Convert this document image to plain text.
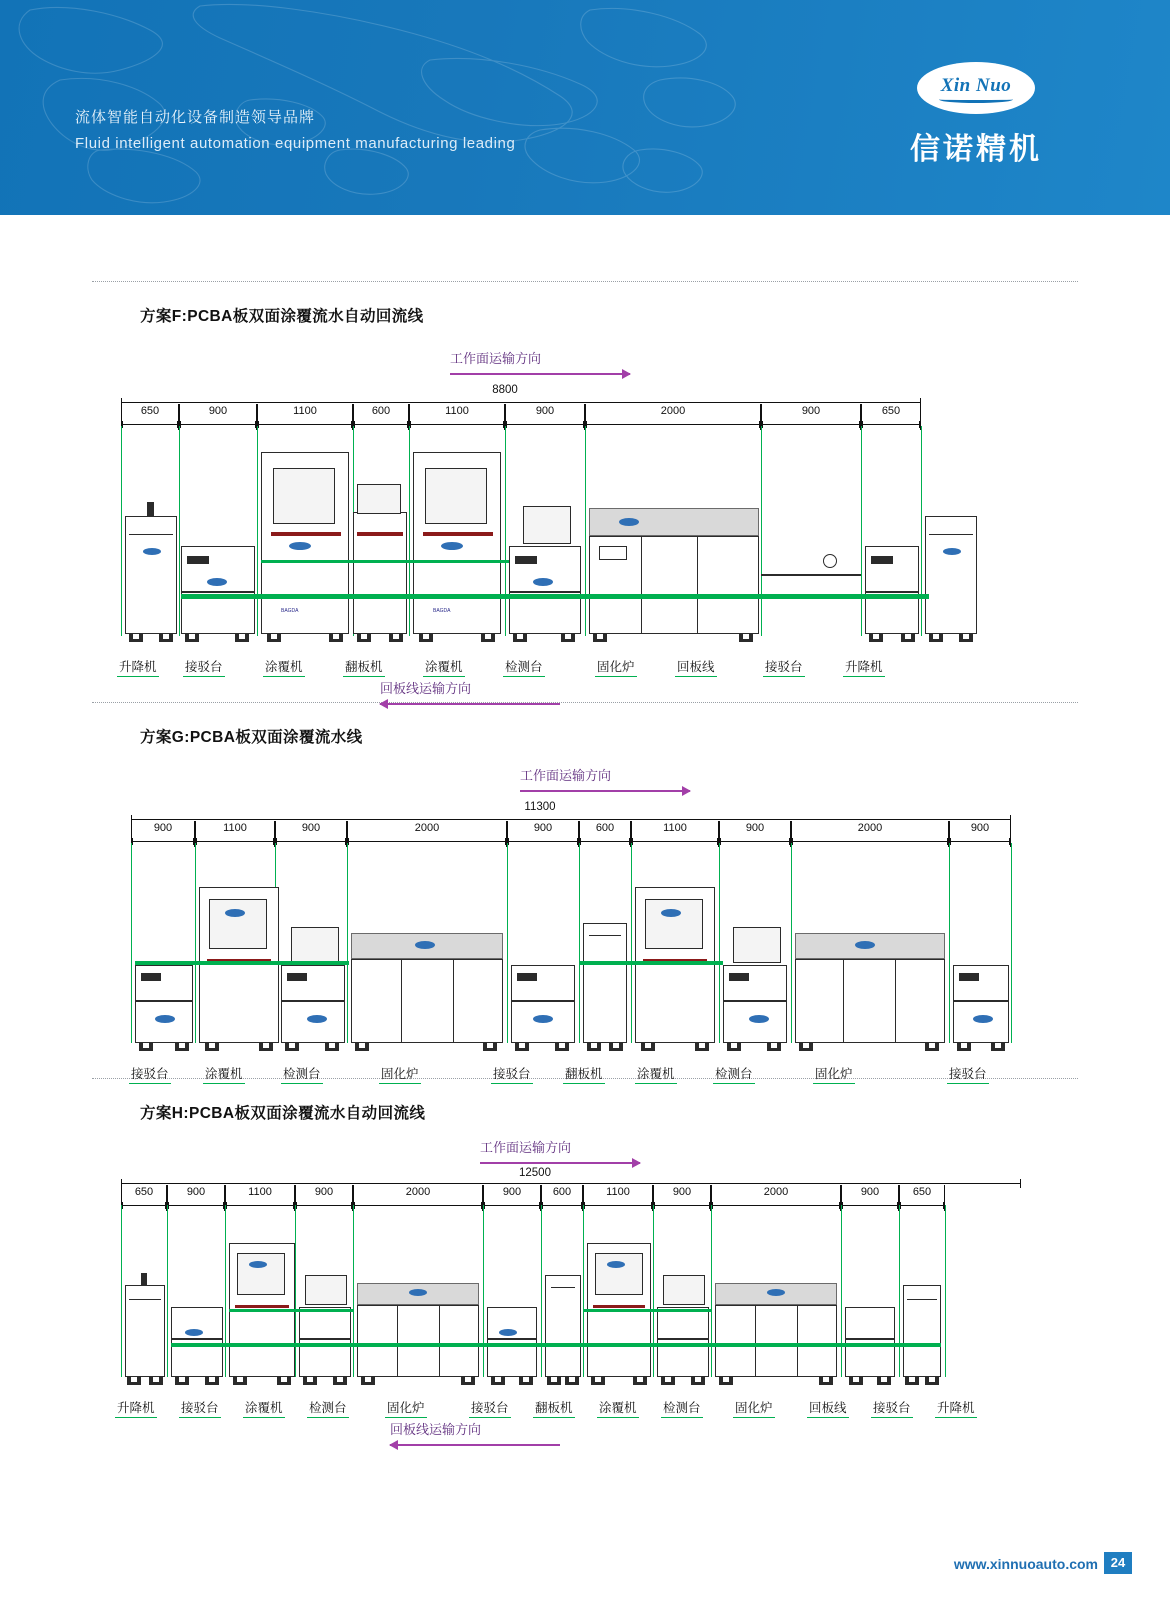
流体智能自动化设备制造领导品牌
Fluid intelligent automation equipment manufacturing leading
Xin Nuo
信诺精机
方案F:PCBA板双面涂覆流水自动回流线
工作面运输方向
8800
650	900	1100	600	1100	900	2000	900	650
BAGDA	BAGDA
升降机 接驳台	涂覆机	翻板机	涂覆机	检测台	固化炉	回板线	接驳台	升降机
回板线运输方向
方案G:PCBA板双面涂覆流水线
工作面运输方向
11300
900	1100	900	2000	900	600	1100	900	2000	900
接驳台	涂覆机	检测台	固化炉	接驳台	翻板机	涂覆机	检测台	固化炉	接驳台
方案H:PCBA板双面涂覆流水自动回流线
工作面运输方向
12500
650	900	1100	900	2000	900	600	1100	900	2000	900	650
升降机 接驳台 涂覆机 检测台	固化炉	接驳台 翻板机 涂覆机 检测台	固化炉	回板线 接驳台 升降机
回板线运输方向
www.xinnuoauto.com 24
